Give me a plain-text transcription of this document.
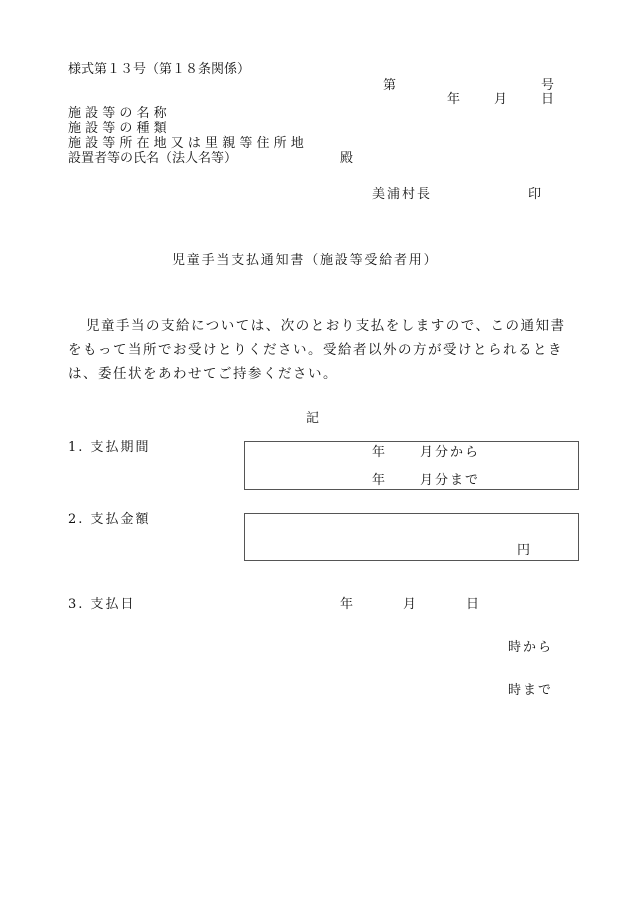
様式第１３号（第１８条関係）
第	号
年	月	日
施 設 等 の 名 称
施 設 等 の 種 類
施 設 等 所 在 地 又 は 里 親 等 住 所 地
設置者等の氏名（法人名等）	殿
美浦村長	印
児童手当支払通知書（施設等受給者用）
児童手当の支給については、次のとおり支払をしますので、この通知書をもって当所でお受けとりください。受給者以外の方が受けとられるときは、委任状をあわせてご持参ください。
記
1. 支払期間	年	月分から
年	月分まで
2. 支払金額
円
3. 支払日	年	月	日
時から
時まで
